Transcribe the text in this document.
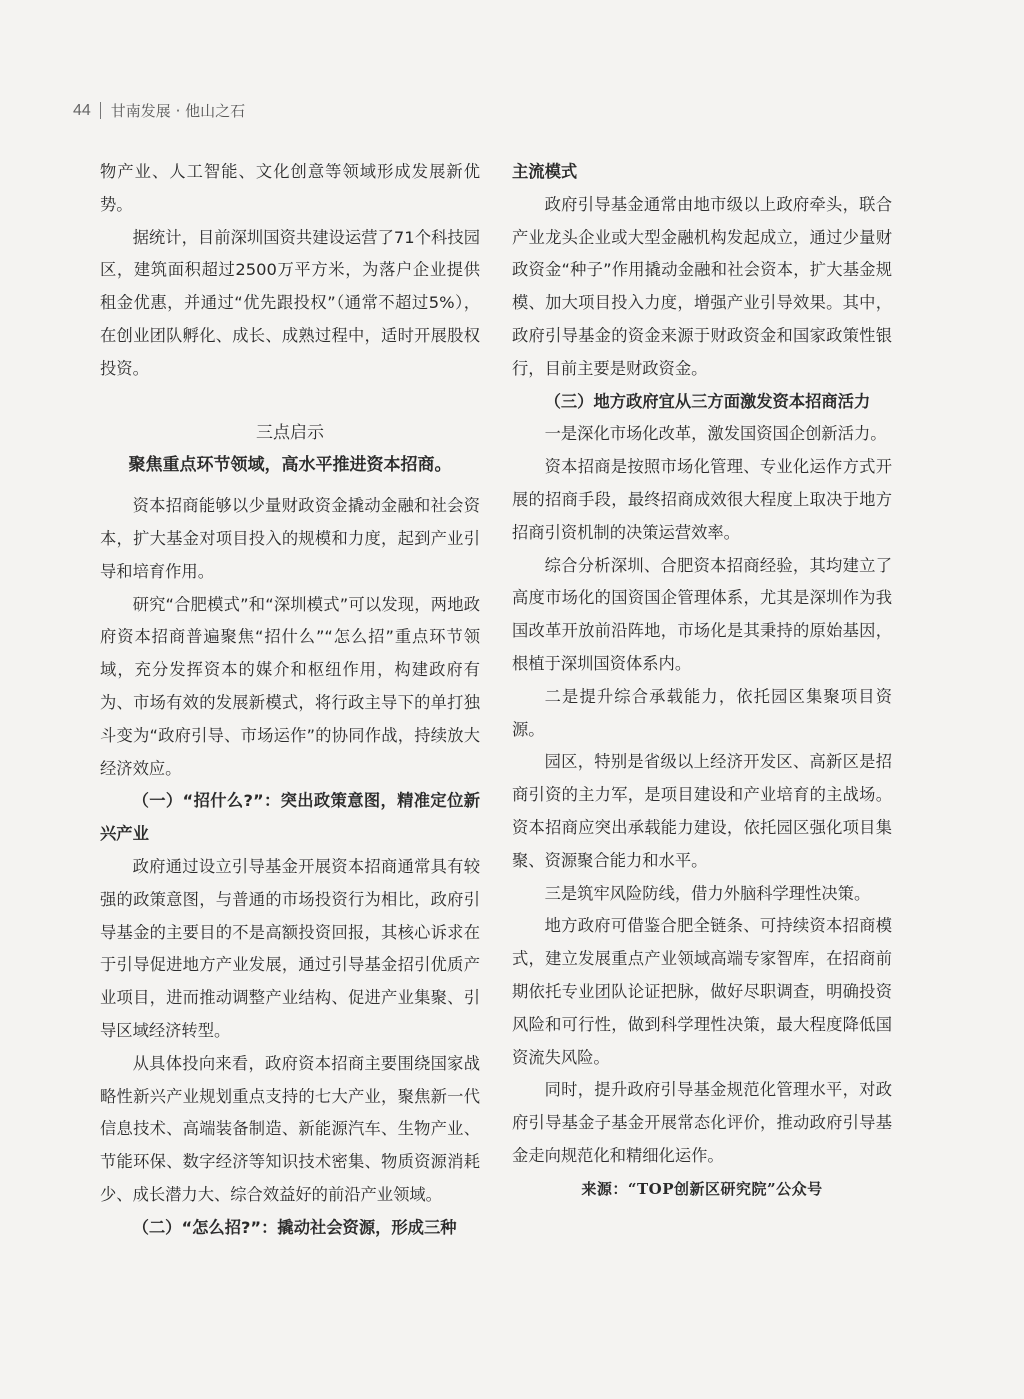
44 甘南发展 · 他山之石

物产业、人工智能、文化创意等领域形成发展新优势。

据统计，目前深圳国资共建设运营了71个科技园区，建筑面积超过2500万平方米，为落户企业提供租金优惠，并通过“优先跟投权”（通常不超过5%），在创业团队孵化、成长、成熟过程中，适时开展股权投资。

三点启示

聚焦重点环节领域，高水平推进资本招商。

资本招商能够以少量财政资金撬动金融和社会资本，扩大基金对项目投入的规模和力度，起到产业引导和培育作用。

研究“合肥模式”和“深圳模式”可以发现，两地政府资本招商普遍聚焦“招什么”“怎么招”重点环节领域，充分发挥资本的媒介和枢纽作用，构建政府有为、市场有效的发展新模式，将行政主导下的单打独斗变为“政府引导、市场运作”的协同作战，持续放大经济效应。

（一）“招什么?”：突出政策意图，精准定位新兴产业

政府通过设立引导基金开展资本招商通常具有较强的政策意图，与普通的市场投资行为相比，政府引导基金的主要目的不是高额投资回报，其核心诉求在于引导促进地方产业发展，通过引导基金招引优质产业项目，进而推动调整产业结构、促进产业集聚、引导区域经济转型。

从具体投向来看，政府资本招商主要围绕国家战略性新兴产业规划重点支持的七大产业，聚焦新一代信息技术、高端装备制造、新能源汽车、生物产业、节能环保、数字经济等知识技术密集、物质资源消耗少、成长潜力大、综合效益好的前沿产业领域。

（二）“怎么招?”：撬动社会资源，形成三种

主流模式

政府引导基金通常由地市级以上政府牵头，联合产业龙头企业或大型金融机构发起成立，通过少量财政资金“种子”作用撬动金融和社会资本，扩大基金规模、加大项目投入力度，增强产业引导效果。其中，政府引导基金的资金来源于财政资金和国家政策性银行，目前主要是财政资金。

（三）地方政府宜从三方面激发资本招商活力

一是深化市场化改革，激发国资国企创新活力。

资本招商是按照市场化管理、专业化运作方式开展的招商手段，最终招商成效很大程度上取决于地方招商引资机制的决策运营效率。

综合分析深圳、合肥资本招商经验，其均建立了高度市场化的国资国企管理体系，尤其是深圳作为我国改革开放前沿阵地，市场化是其秉持的原始基因，根植于深圳国资体系内。

二是提升综合承载能力，依托园区集聚项目资源。

园区，特别是省级以上经济开发区、高新区是招商引资的主力军，是项目建设和产业培育的主战场。资本招商应突出承载能力建设，依托园区强化项目集聚、资源聚合能力和水平。

三是筑牢风险防线，借力外脑科学理性决策。

地方政府可借鉴合肥全链条、可持续资本招商模式，建立发展重点产业领域高端专家智库，在招商前期依托专业团队论证把脉，做好尽职调查，明确投资风险和可行性，做到科学理性决策，最大程度降低国资流失风险。

同时，提升政府引导基金规范化管理水平，对政府引导基金子基金开展常态化评价，推动政府引导基金走向规范化和精细化运作。

来源：“TOP创新区研究院”公众号
